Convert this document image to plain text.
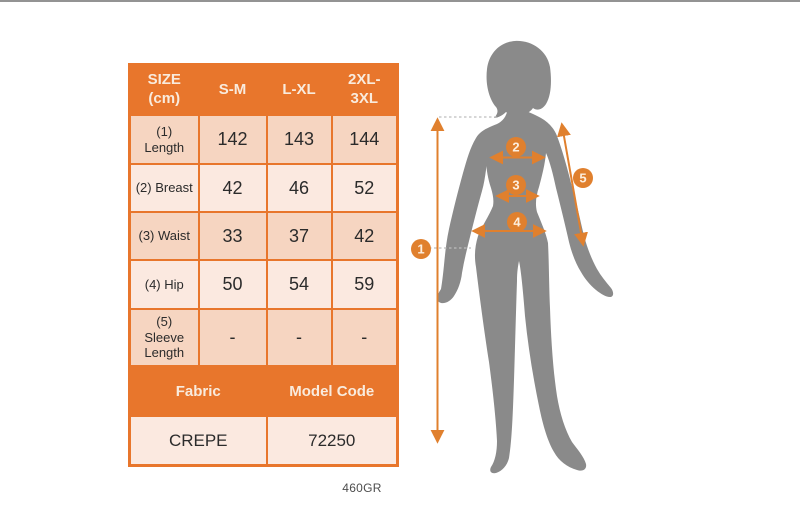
SIZE (cm)	S-M	L-XL	2XL-3XL

(1)
Length	142	143	144

(2) Breast	42	46	52

(3) Waist	33	37	42

(4) Hip	50	54	59

(5)
Sleeve
Length	-	-	-
Fabric		Model Code	
CREPE		72250	
1
2
3
4
5
460GR
